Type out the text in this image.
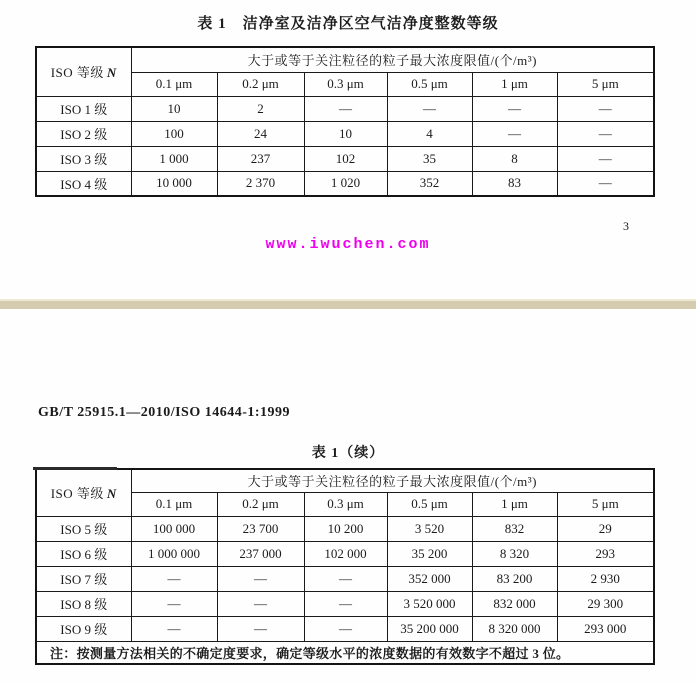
表 1　洁净室及洁净区空气洁净度整数等级
ISO 等级 N	大于或等于关注粒径的粒子最大浓度限值/(个/m³)					
	0.1 μm	0.2 μm	0.3 μm	0.5 μm	1 μm	5 μm
ISO 1 级	10	2	—	—	—	—
ISO 2 级	100	24	10	4	—	—
ISO 3 级	1 000	237	102	35	8	—
ISO 4 级	10 000	2 370	1 020	352	83	—
3
www.iwuchen.com
GB/T 25915.1—2010/ISO 14644-1:1999
表 1（续）
ISO 等级 N	大于或等于关注粒径的粒子最大浓度限值/(个/m³)					
	0.1 μm	0.2 μm	0.3 μm	0.5 μm	1 μm	5 μm
ISO 5 级	100 000	23 700	10 200	3 520	832	29
ISO 6 级	1 000 000	237 000	102 000	35 200	8 320	293
ISO 7 级	—	—	—	352 000	83 200	2 930
ISO 8 级	—	—	—	3 520 000	832 000	29 300
ISO 9 级	—	—	—	35 200 000	8 320 000	293 000
注：按测量方法相关的不确定度要求，确定等级水平的浓度数据的有效数字不超过 3 位。						
